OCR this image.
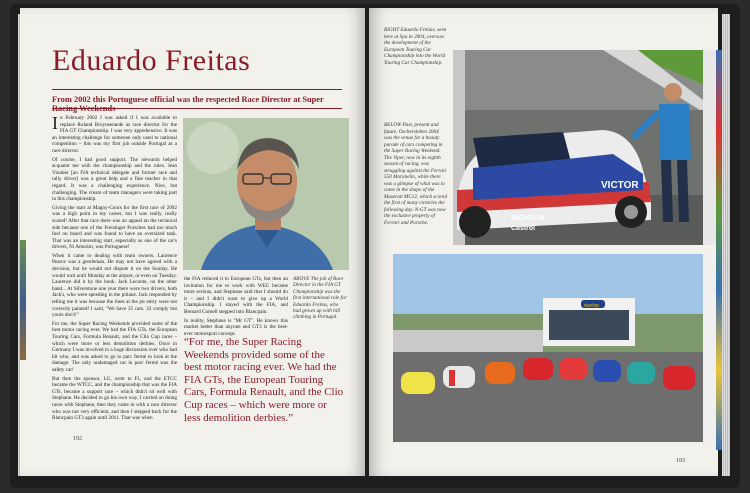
Eduardo Freitas
From 2002 this Portuguese official was the respected Race Director at Super
I n February 2002 I was asked if I was available to replace Roland Bruynseraede as race director for the FIA GT Championship. I was very apprehensive. It was an interesting challenge for someone only used to national competition – this was my first job outside Portugal as a race director.

Of course, I had good support. The stewards helped acquaint me with the championship and the rules. Jean Vinatier [an FIA technical delegate and former race and rally driver] was a great help and a fine teacher in that regard. It was a challenging experience. Nice, but challenging. The cream of team managers were taking part in this championship.

Giving the start at Magny-Cours for the first race of 2002 was a high point in my career, but I was really, really scared! After that race there was an appeal on the technical side because one of the Freisinger Porsches had too much fuel on board and was found to have an oversized tank. That was an interesting start, especially as one of the car's drivers, Ni Amorim, was Portuguese!

When it came to dealing with team owners, Laurence Pearce was a gentleman. He may not have agreed with a decision, but he would not dispute it on the Sunday. He would wait until Monday at the airport, or even on Tuesday. Laurence did it by the book. Jack Leconte, on the other hand... At Silverstone one year there were two drivers, both Jack's, who were speeding in the pitlane. Jack responded by telling me it was because the lines at the pit entry were not correctly painted! I said, "We have 35 cars. 33 comply but yours don't!"

For me, the Super Racing Weekends provided some of the best motor racing ever. We had the FIA GTs, the European Touring Cars, Formula Renault, and the Clio Cup races – which were more or less demolition derbies. Once in Germany I was involved in a huge discussion over who had hit who, and was asked to go to parc fermé to look at the damage. The only undamaged car in parc fermé was the safety car!

But then the sponsor, LG, went to F1, and the ETCC became the WTCC, and the championship that was the FIA GTs, became a support race – which didn't sit well with Stephane. He decided to go his own way. I carried on doing races with Stephane, then they came in with a race director who was not very efficient, and then I stepped back for the Blancpain GT3 again until 2011. That was when

the FIA reduced it to European GTs, but then an invitation for me to work with WEC became more serious, and Stephane said that I should do it – and I didn't want to give up a World Championship. I stayed with the FIA, and Bernard Cornell stepped into Blancpain.

In reality, Stephane is "Mr GT". He knows this market better than anyone and GT3 is the best-ever motorsport concept.

ABOVE The job of Race Director in the FIA GT Championship was the first international role for Eduardo Freitas, who had grown up with hill climbing in Portugal.

“For me, the Super Racing Weekends provided some of the best motor racing ever. We had the FIA GTs, the European Touring Cars, Formula Renault, and the Clio Cup races – which were more or less demolition derbies.”

192
RIGHT Eduardo Freitas, seen here at Spa in 2004, oversaw the development of the European Touring Car Championship into the World Touring Car Championship.
BELOW Past, present and future. Oschersleben 2004 was the venue for a beauty parade of cars competing in the Super Racing Weekend. The Viper, now in its eighth season of racing, was struggling against the Ferrari 550 Maranello, while there was a glimpse of what was to come in the shape of the Maserati MC12, which scored the first of many victories the following day. N-GT was now the exclusive property of Ferrari and Porsche.
VICTOR
MICHELIN
Castrol
dunlop
193
